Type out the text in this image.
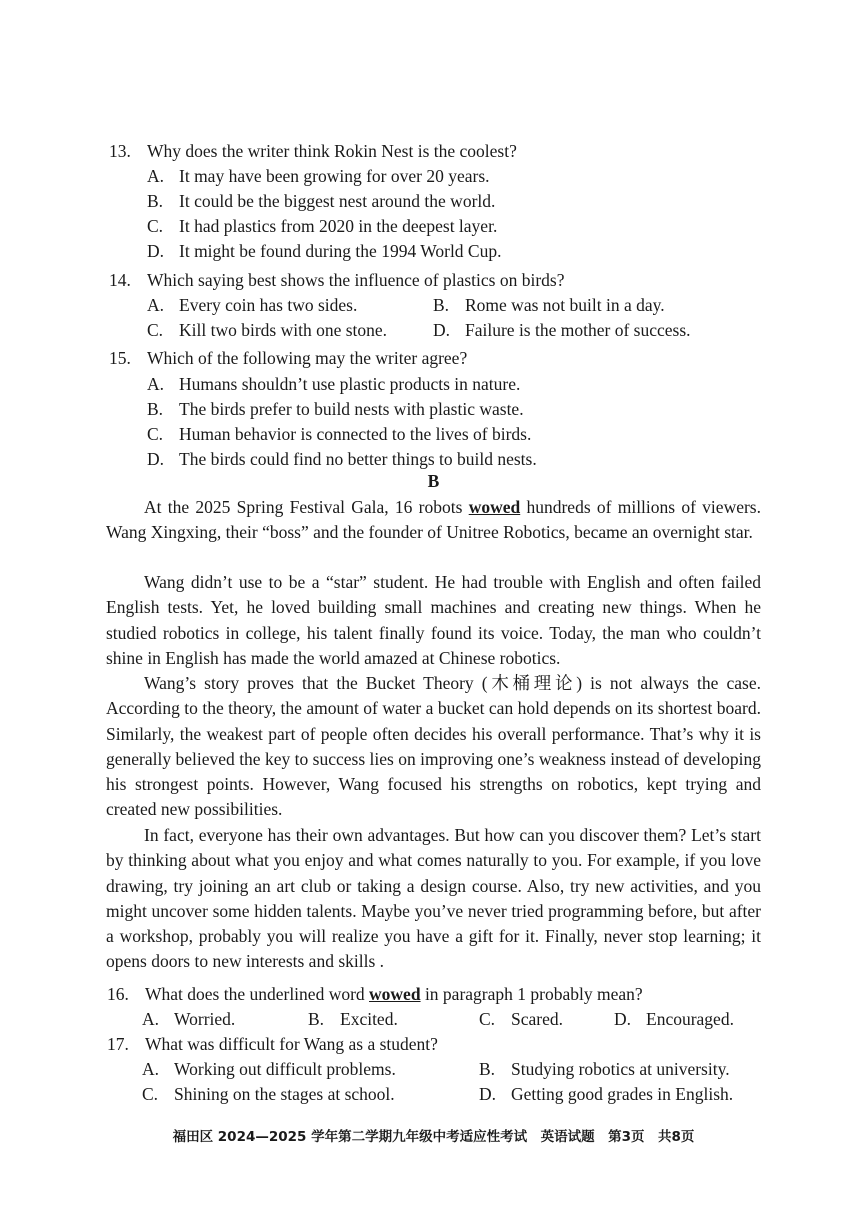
13. Why does the writer think Rokin Nest is the coolest?
A. It may have been growing for over 20 years.
B. It could be the biggest nest around the world.
C. It had plastics from 2020 in the deepest layer.
D. It might be found during the 1994 World Cup.
14. Which saying best shows the influence of plastics on birds?
A. Every coin has two sides.	B. Rome was not built in a day.
C. Kill two birds with one stone.	D. Failure is the mother of success.
15. Which of the following may the writer agree?
A. Humans shouldn’t use plastic products in nature.
B. The birds prefer to build nests with plastic waste.
C. Human behavior is connected to the lives of birds.
D. The birds could find no better things to build nests.
B
At the 2025 Spring Festival Gala, 16 robots wowed hundreds of millions of viewers. Wang Xingxing, their “boss” and the founder of Unitree Robotics, became an overnight star.
Wang didn’t use to be a “star” student. He had trouble with English and often failed English tests. Yet, he loved building small machines and creating new things. When he studied robotics in college, his talent finally found its voice. Today, the man who couldn’t shine in English has made the world amazed at Chinese robotics.
Wang’s story proves that the Bucket Theory (木桶理论) is not always the case. According to the theory, the amount of water a bucket can hold depends on its shortest board. Similarly, the weakest part of people often decides his overall performance. That’s why it is generally believed the key to success lies on improving one’s weakness instead of developing his strongest points. However, Wang focused his strengths on robotics, kept trying and created new possibilities.
In fact, everyone has their own advantages. But how can you discover them? Let’s start by thinking about what you enjoy and what comes naturally to you. For example, if you love drawing, try joining an art club or taking a design course. Also, try new activities, and you might uncover some hidden talents. Maybe you’ve never tried programming before, but after a workshop, probably you will realize you have a gift for it. Finally, never stop learning; it opens doors to new interests and skills .
16. What does the underlined word wowed in paragraph 1 probably mean?
A. Worried.	B. Excited.	C. Scared.	D. Encouraged.
17. What was difficult for Wang as a student?
A. Working out difficult problems.	B. Studying robotics at university.
C. Shining on the stages at school.	D. Getting good grades in English.
福田区 2024—2025 学年第二学期九年级中考适应性考试　英语试题　第3页　共8页
